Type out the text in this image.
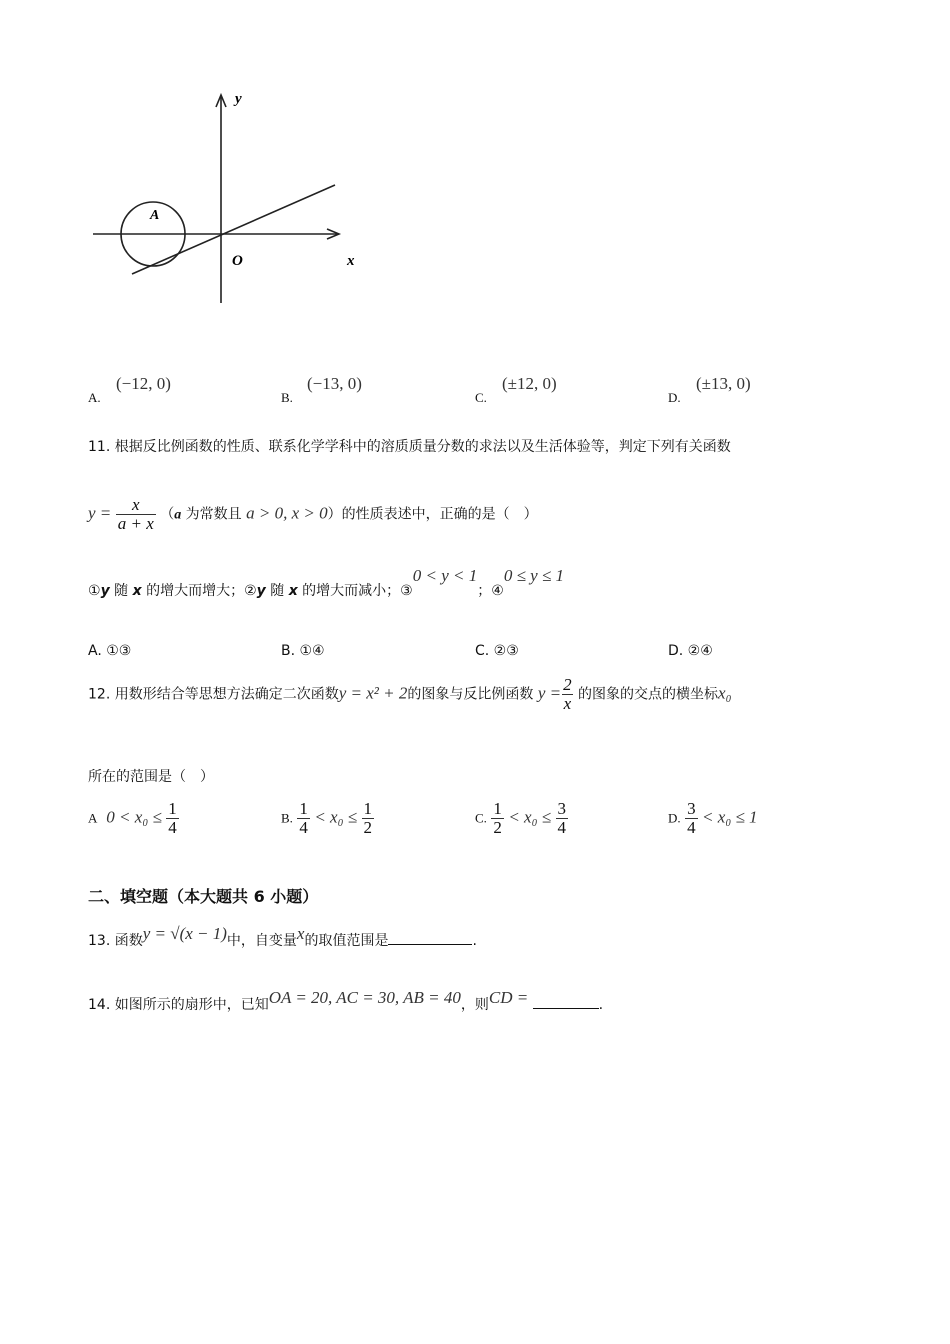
y
A
O	x
A.
(−12, 0)
B.
(−13, 0)
C.
(±12, 0)
D.
(±13, 0)
11. 根据反比例函数的性质、联系化学学科中的溶质质量分数的求法以及生活体验等，判定下列有关函数
$y = \frac{x}{a + x} (a$ 为常数且 a > 0, x > 0）的性质表述中，正确的是（　）
①y 随 x 的增大而增大；②y 随 x 的增大而减小；③0 < y < 1；④0 ≤ y ≤ 1
A. ①③	B. ①④	C. ②③	D. ②④
12. 用数形结合等思想方法确定二次函数y = x² + 2的图象与反比例函数 $y = \frac{2}{x}$ 的图象的交点的横坐标x₀
所在的范围是（　）
A $0 < x_0 \le \frac{1}{4}$	B. $\frac{1}{4} < x_0 \le \frac{1}{2}$	C. $\frac{1}{2} < x_0 \le \frac{3}{4}$	D. $\frac{3}{4} < x_0 \le 1$
二、填空题（本大题共 6 小题）
13. 函数y = √(x − 1)中，自变量x的取值范围是	.
14. 如图所示的扇形中，已知OA = 20, AC = 30, AB = 40，则CD =	.
